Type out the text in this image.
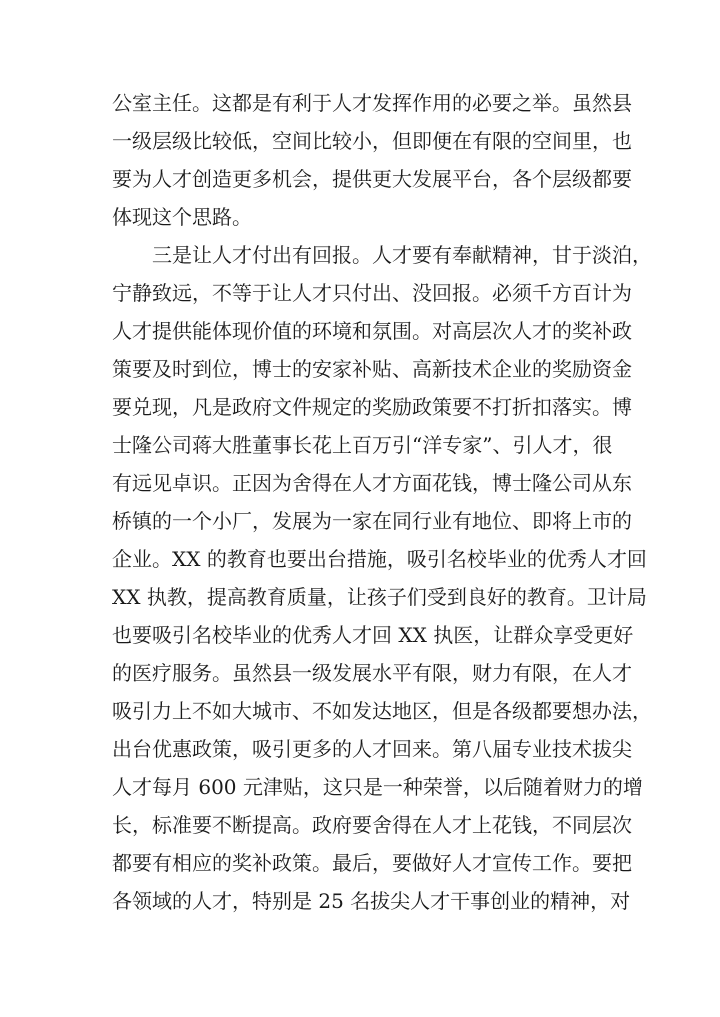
公室主任。这都是有利于人才发挥作用的必要之举。虽然县
一级层级比较低，空间比较小，但即便在有限的空间里，也
要为人才创造更多机会，提供更大发展平台，各个层级都要
体现这个思路。
三是让人才付出有回报。人才要有奉献精神，甘于淡泊，
宁静致远，不等于让人才只付出、没回报。必须千方百计为
人才提供能体现价值的环境和氛围。对高层次人才的奖补政
策要及时到位，博士的安家补贴、高新技术企业的奖励资金
要兑现，凡是政府文件规定的奖励政策要不打折扣落实。博
士隆公司蒋大胜董事长花上百万引“洋专家”、引人才，很
有远见卓识。正因为舍得在人才方面花钱，博士隆公司从东
桥镇的一个小厂，发展为一家在同行业有地位、即将上市的
企业。XX 的教育也要出台措施，吸引名校毕业的优秀人才回
XX 执教，提高教育质量，让孩子们受到良好的教育。卫计局
也要吸引名校毕业的优秀人才回 XX 执医，让群众享受更好
的医疗服务。虽然县一级发展水平有限，财力有限，在人才
吸引力上不如大城市、不如发达地区，但是各级都要想办法，
出台优惠政策，吸引更多的人才回来。第八届专业技术拔尖
人才每月 600 元津贴，这只是一种荣誉，以后随着财力的增
长，标准要不断提高。政府要舍得在人才上花钱，不同层次
都要有相应的奖补政策。最后，要做好人才宣传工作。要把
各领域的人才，特别是 25 名拔尖人才干事创业的精神，对
